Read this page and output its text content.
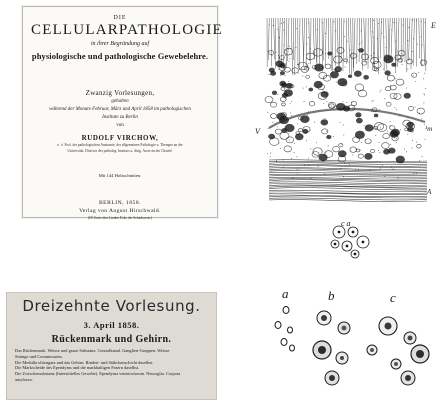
DIE
CELLULARPATHOLOGIE
in ihrer Begründung auf
physiologische und pathologische Gewebelehre.
Zwanzig Vorlesungen,
gehalten
während der Monate Februar, März und April 1858 im pathologischen
Institute zu Berlin
von
RUDOLF VIRCHOW,
o. ö. Prof. der pathologischen Anatomie, der allgemeinen Pathologie u. Therapie an der
Universität, Director des patholog. Instituts u. dirig. Arzte an der Charité.
Mit 144 Holzschnitten.
BERLIN, 1858.
Verlag von August Hirschwald.
(69 Unter den Linden Ecke der Schadowstr.)
E
V	¹m
A
c a
Dreizehnte Vorlesung.
3. April 1858.
Rückenmark und Gehirn.
Das Rückenmark. Weisse und graue Substanz. Centralkanal. Ganglien-Gruppen. Weisse
Stränge und Commissuren.
Die Medulla oblongata und das Gehirn. Rinden- und Stäbchenschicht daselbst.
Die Markscheide des Ependyms und die markhaltigen Fasern daselbst.
Die Zwischensubstanz (Interstitielles Gewebe). Ependyma ventriculorum. Neuroglia. Corpora
amylacea.
a	b	c
